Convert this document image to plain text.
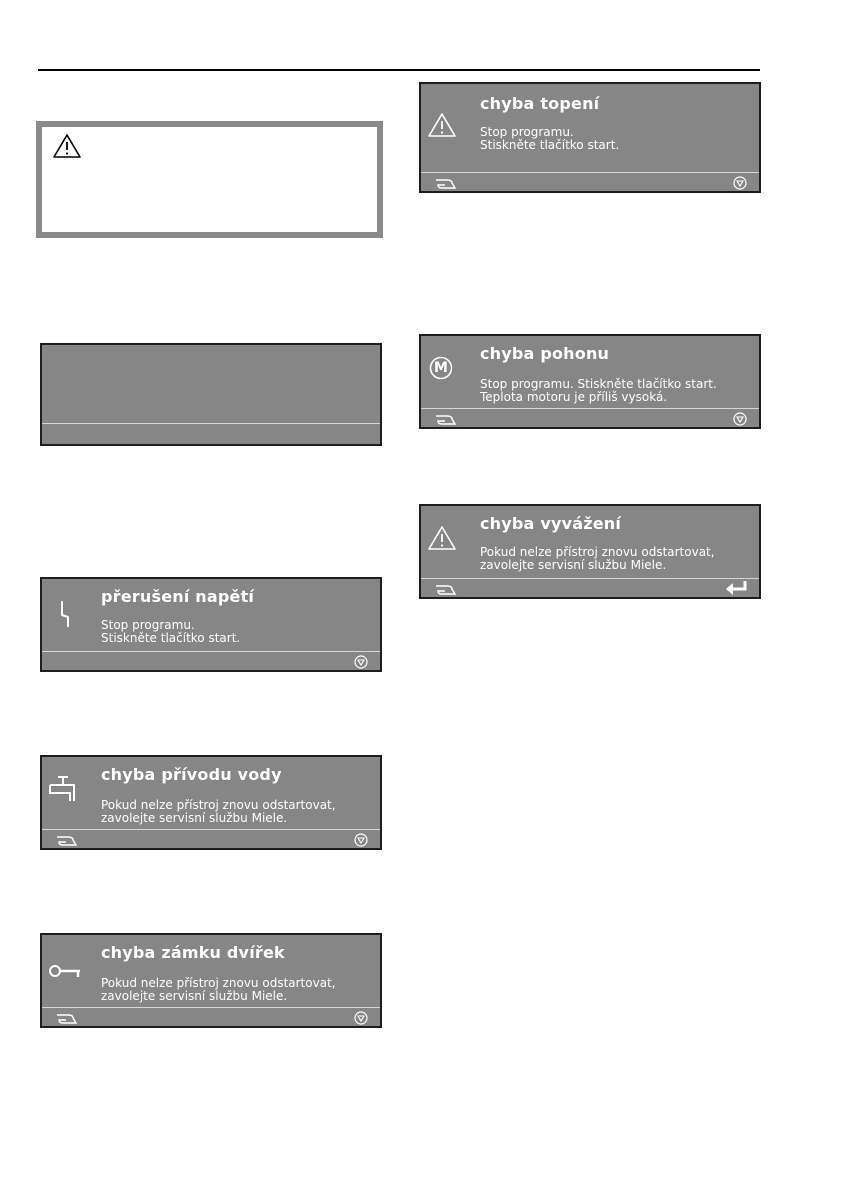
přerušení napětí
Stop programu.
Stiskněte tlačítko start.
chyba přívodu vody
Pokud nelze přístroj znovu odstartovat,
zavolejte servisní službu Miele.
chyba zámku dvířek
Pokud nelze přístroj znovu odstartovat,
zavolejte servisní službu Miele.
chyba topení
Stop programu.
Stiskněte tlačítko start.
M
chyba pohonu
Stop programu. Stiskněte tlačítko start.
Teplota motoru je příliš vysoká.
chyba vyvážení
Pokud nelze přístroj znovu odstartovat,
zavolejte servisní službu Miele.
